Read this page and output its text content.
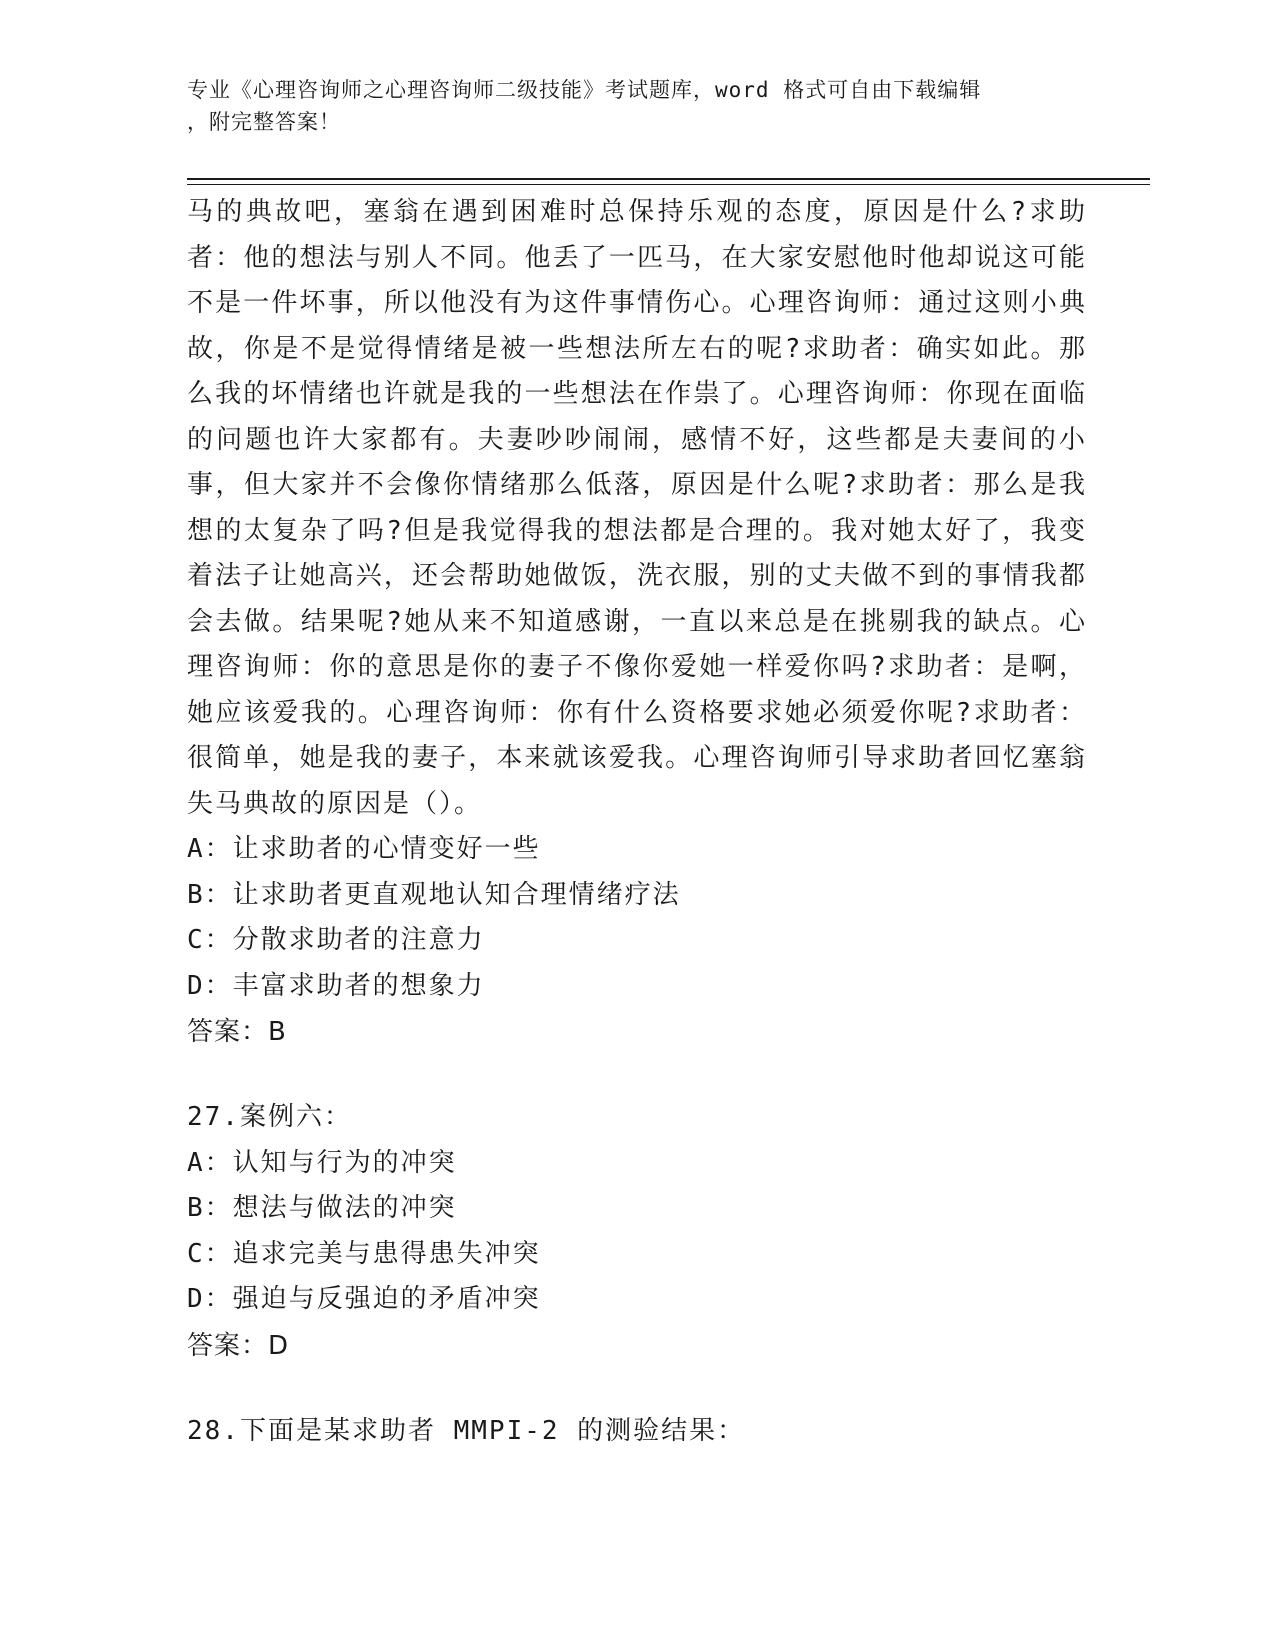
专业《心理咨询师之心理咨询师二级技能》考试题库，word 格式可自由下载编辑
，附完整答案！

马的典故吧，塞翁在遇到困难时总保持乐观的态度，原因是什么?求助者：他的想法与别人不同。他丢了一匹马，在大家安慰他时他却说这可能不是一件坏事，所以他没有为这件事情伤心。心理咨询师：通过这则小典故，你是不是觉得情绪是被一些想法所左右的呢?求助者：确实如此。那么我的坏情绪也许就是我的一些想法在作祟了。心理咨询师：你现在面临的问题也许大家都有。夫妻吵吵闹闹，感情不好，这些都是夫妻间的小事，但大家并不会像你情绪那么低落，原因是什么呢?求助者：那么是我想的太复杂了吗?但是我觉得我的想法都是合理的。我对她太好了，我变着法子让她高兴，还会帮助她做饭，洗衣服，别的丈夫做不到的事情我都会去做。结果呢?她从来不知道感谢，一直以来总是在挑剔我的缺点。心理咨询师：你的意思是你的妻子不像你爱她一样爱你吗?求助者：是啊，她应该爱我的。心理咨询师：你有什么资格要求她必须爱你呢?求助者：很简单，她是我的妻子，本来就该爱我。心理咨询师引导求助者回忆塞翁失马典故的原因是（）。

A：让求助者的心情变好一些

B：让求助者更直观地认知合理情绪疗法

C：分散求助者的注意力

D：丰富求助者的想象力

答案：B

27.案例六：

A：认知与行为的冲突

B：想法与做法的冲突

C：追求完美与患得患失冲突

D：强迫与反强迫的矛盾冲突

答案：D

28.下面是某求助者 MMPI-2 的测验结果：
